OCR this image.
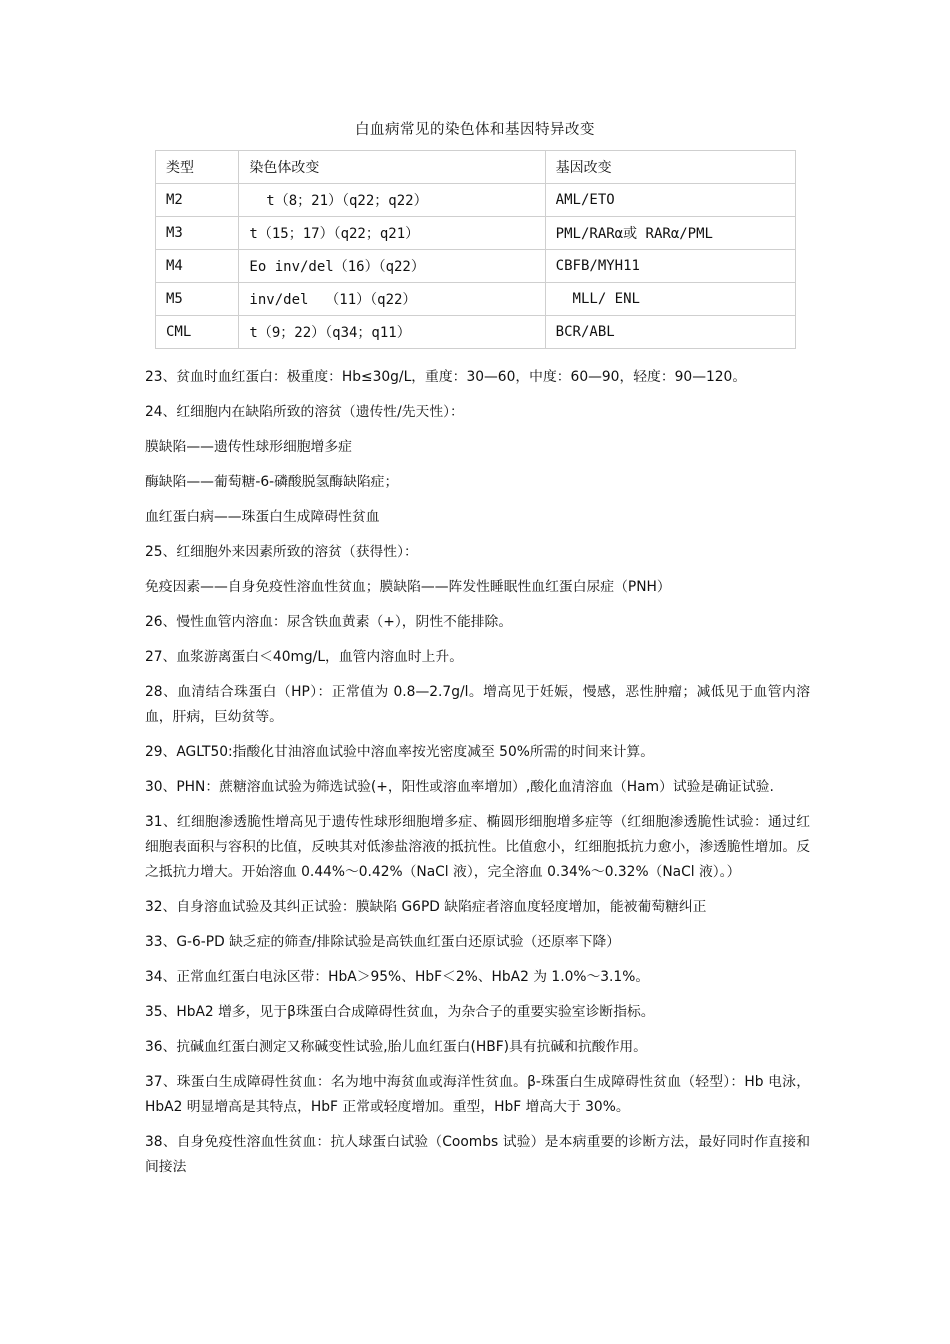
白血病常见的染色体和基因特异改变
类型	染色体改变	基因改变
M2	t（8；21）（q22；q22）	AML/ETO
M3	t（15；17）（q22；q21）	PML/RARα或 RARα/PML
M4	Eo inv/del（16）（q22）	CBFB/MYH11
M5	inv/del  （11）（q22）	MLL/ ENL
CML	t（9；22）（q34；q11）	BCR/ABL

23、贫血时血红蛋白：极重度：Hb≤30g/L，重度：30—60，中度：60—90，轻度：90—120。

24、红细胞内在缺陷所致的溶贫（遗传性/先天性）：

膜缺陷——遗传性球形细胞增多症

酶缺陷——葡萄糖-6-磷酸脱氢酶缺陷症；

血红蛋白病——珠蛋白生成障碍性贫血

25、红细胞外来因素所致的溶贫（获得性）：

免疫因素——自身免疫性溶血性贫血；膜缺陷——阵发性睡眠性血红蛋白尿症（PNH）

26、慢性血管内溶血：尿含铁血黄素（+），阴性不能排除。

27、血浆游离蛋白＜40mg/L，血管内溶血时上升。

28、血清结合珠蛋白（HP）：正常值为 0.8—2.7g/l。增高见于妊娠，慢感，恶性肿瘤；减低见于血管内溶血，肝病，巨幼贫等。

29、AGLT50:指酸化甘油溶血试验中溶血率按光密度减至 50%所需的时间来计算。

30、PHN：蔗糖溶血试验为筛选试验(+，阳性或溶血率增加）,酸化血清溶血（Ham）试验是确证试验.

31、红细胞渗透脆性增高见于遗传性球形细胞增多症、椭圆形细胞增多症等（红细胞渗透脆性试验：通过红细胞表面积与容积的比值，反映其对低渗盐溶液的抵抗性。比值愈小，红细胞抵抗力愈小，渗透脆性增加。反之抵抗力增大。开始溶血 0.44%～0.42%（NaCl 液），完全溶血 0.34%～0.32%（NaCl 液）。）

32、自身溶血试验及其纠正试验：膜缺陷 G6PD 缺陷症者溶血度轻度增加，能被葡萄糖纠正

33、G-6-PD 缺乏症的筛查/排除试验是高铁血红蛋白还原试验（还原率下降）

34、正常血红蛋白电泳区带：HbA＞95%、HbF＜2%、HbA2 为 1.0%～3.1%。

35、HbA2 增多，见于β珠蛋白合成障碍性贫血，为杂合子的重要实验室诊断指标。

36、抗碱血红蛋白测定又称碱变性试验,胎儿血红蛋白(HBF)具有抗碱和抗酸作用。

37、珠蛋白生成障碍性贫血：名为地中海贫血或海洋性贫血。β-珠蛋白生成障碍性贫血（轻型）：Hb 电泳，HbA2 明显增高是其特点，HbF 正常或轻度增加。重型，HbF 增高大于 30%。

38、自身免疫性溶血性贫血：抗人球蛋白试验（Coombs 试验）是本病重要的诊断方法，最好同时作直接和间接法
